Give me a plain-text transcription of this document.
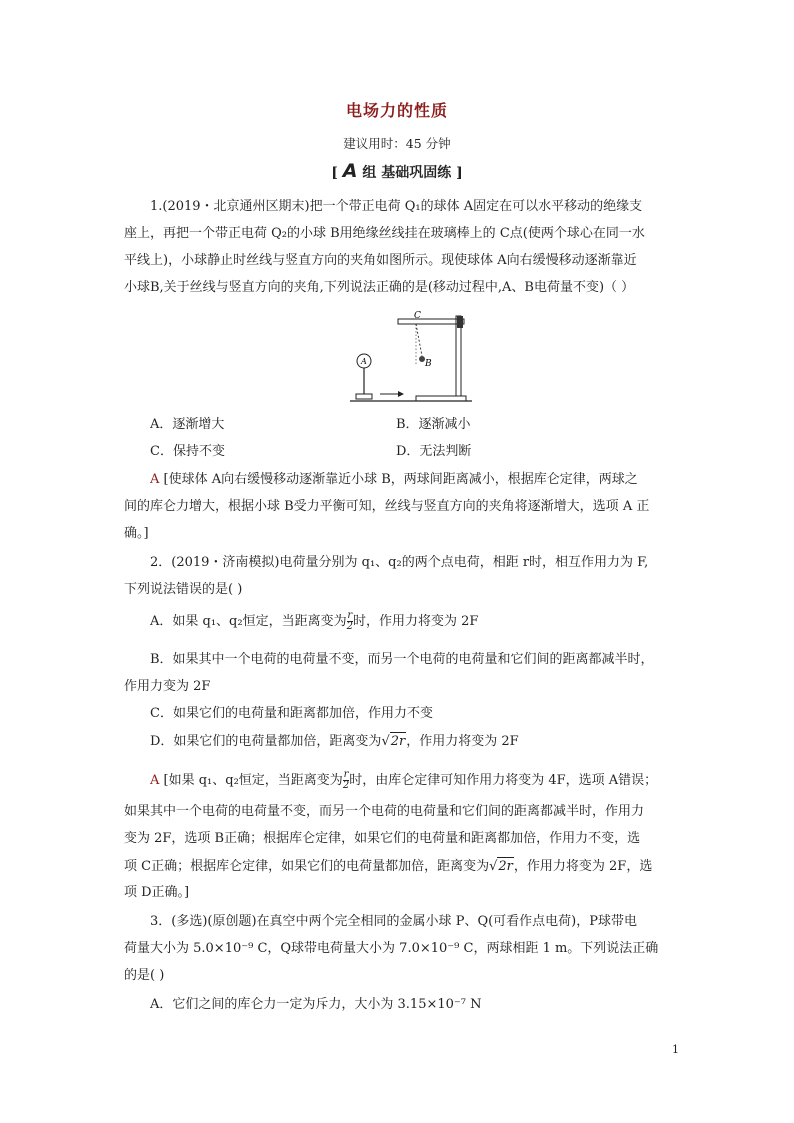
电场力的性质
建议用时：45 分钟
[ A 组 基础巩固练 ]
1.(2019・北京通州区期末)把一个带正电荷 Q₁的球体 A固定在可以水平移动的绝缘支
座上，再把一个带正电荷 Q₂的小球 B用绝缘丝线挂在玻璃棒上的 C点(使两个球心在同一水
平线上)，小球静止时丝线与竖直方向的夹角如图所示。现使球体 A向右缓慢移动逐渐靠近
小球B,关于丝线与竖直方向的夹角,下列说法正确的是(移动过程中,A、B电荷量不变)（ ）
B
C
A
A．逐渐增大	B．逐渐减小
C．保持不变	D．无法判断
A [使球体 A向右缓慢移动逐渐靠近小球 B，两球间距离减小，根据库仑定律，两球之
间的库仑力增大，根据小球 B受力平衡可知，丝线与竖直方向的夹角将逐渐增大，选项 A 正
确。]
2．(2019・济南模拟)电荷量分别为 q₁、q₂的两个点电荷，相距 r时，相互作用力为 F,
下列说法错误的是( )
A．如果 q₁、q₂恒定，当距离变为 $\frac{r}{2}$ 时，作用力将变为 2F
B．如果其中一个电荷的电荷量不变，而另一个电荷的电荷量和它们间的距离都减半时，
作用力变为 2F
C．如果它们的电荷量和距离都加倍，作用力不变
D．如果它们的电荷量都加倍，距离变为√2r，作用力将变为 2F
A [如果 q₁、q₂恒定，当距离变为 $\frac{r}{2}$ 时，由库仑定律可知作用力将变为 4F，选项 A错误；
如果其中一个电荷的电荷量不变，而另一个电荷的电荷量和它们间的距离都减半时，作用力
变为 2F，选项 B正确；根据库仑定律，如果它们的电荷量和距离都加倍，作用力不变，选
项 C正确；根据库仑定律，如果它们的电荷量都加倍，距离变为√2r，作用力将变为 2F，选
项 D正确。]
3．(多选)(原创题)在真空中两个完全相同的金属小球 P、Q(可看作点电荷)，P球带电
荷量大小为 5.0×10⁻⁹ C，Q球带电荷量大小为 7.0×10⁻⁹ C，两球相距 1 m。下列说法正确
的是( )
A．它们之间的库仑力一定为斥力，大小为 3.15×10⁻⁷ N
1
